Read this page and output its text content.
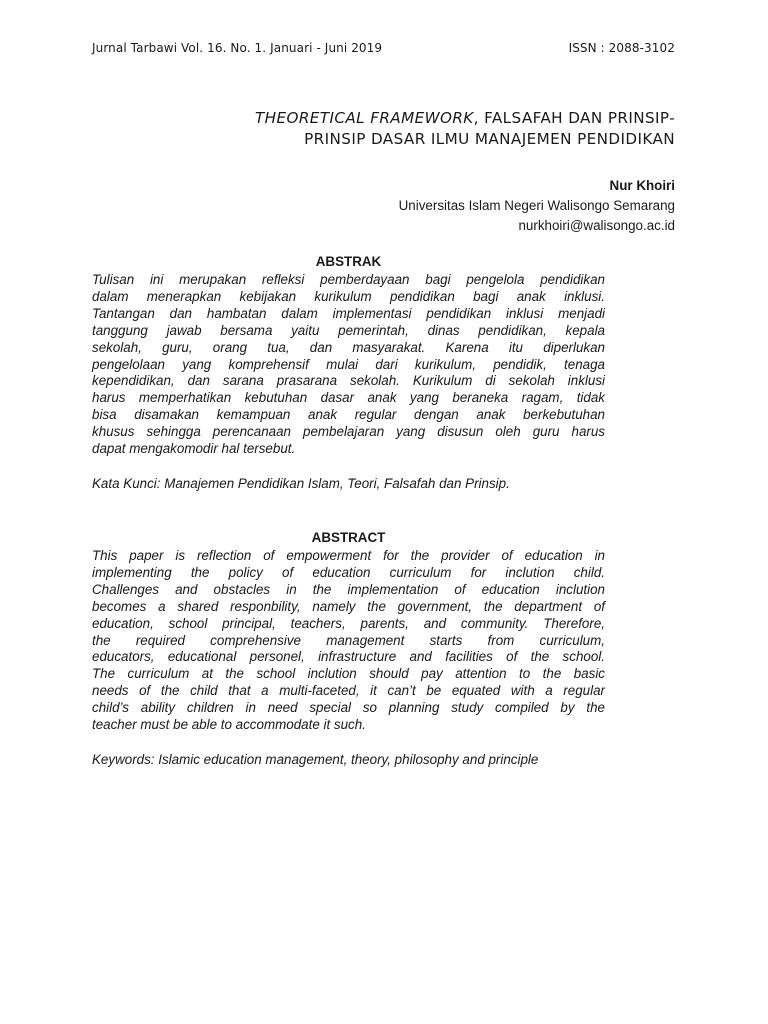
Jurnal Tarbawi Vol. 16. No. 1. Januari - Juni 2019	ISSN : 2088-3102
THEORETICAL FRAMEWORK, FALSAFAH DAN PRINSIP-
PRINSIP DASAR ILMU MANAJEMEN PENDIDIKAN
Nur Khoiri
Universitas Islam Negeri Walisongo Semarang
nurkhoiri@walisongo.ac.id
ABSTRAK
Tulisan ini merupakan refleksi pemberdayaan bagi pengelola pendidikan
dalam menerapkan kebijakan kurikulum pendidikan bagi anak inklusi.
Tantangan dan hambatan dalam implementasi pendidikan inklusi menjadi
tanggung jawab bersama yaitu pemerintah, dinas pendidikan, kepala
sekolah, guru, orang tua, dan masyarakat. Karena itu diperlukan
pengelolaan yang komprehensif mulai dari kurikulum, pendidik, tenaga
kependidikan, dan sarana prasarana sekolah. Kurikulum di sekolah inklusi
harus memperhatikan kebutuhan dasar anak yang beraneka ragam, tidak
bisa disamakan kemampuan anak regular dengan anak berkebutuhan
khusus sehingga perencanaan pembelajaran yang disusun oleh guru harus
dapat mengakomodir hal tersebut.
Kata Kunci: Manajemen Pendidikan Islam, Teori, Falsafah dan Prinsip.
ABSTRACT
This paper is reflection of empowerment for the provider of education in
implementing the policy of education curriculum for inclution child.
Challenges and obstacles in the implementation of education inclution
becomes a shared responbility, namely the government, the department of
education, school principal, teachers, parents, and community. Therefore,
the required comprehensive management starts from curriculum,
educators, educational personel, infrastructure and facilities of the school.
The curriculum at the school inclution should pay attention to the basic
needs of the child that a multi-faceted, it can’t be equated with a regular
child’s ability children in need special so planning study compiled by the
teacher must be able to accommodate it such.
Keywords: Islamic education management, theory, philosophy and principle
